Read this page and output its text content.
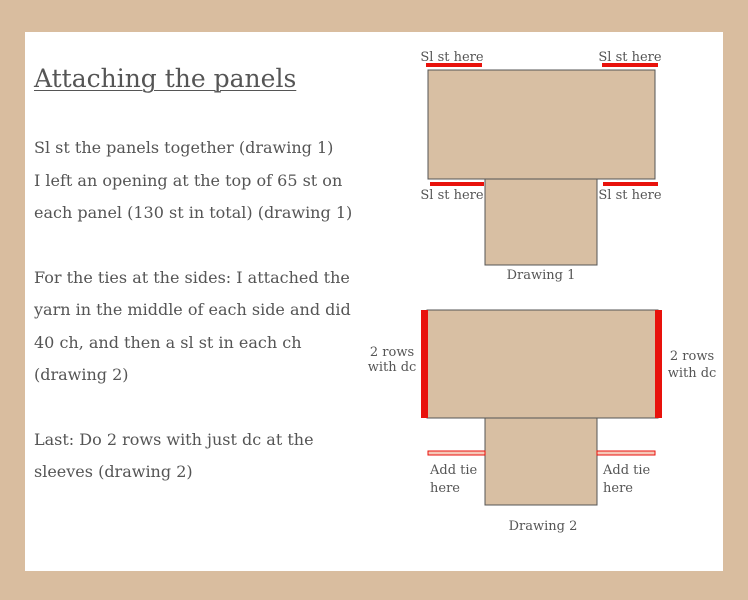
Attaching the panels

Sl st the panels together (drawing 1)
I left an opening at the top of 65 st on each panel (130 st in total) (drawing 1)

For the ties at the sides: I attached the yarn in the middle of each side and did 40 ch, and then a sl st in each ch (drawing 2)

Last: Do 2 rows with just dc at the sleeves (drawing 2)

Sl st here	Sl st here
Sl st here	Sl st here
Drawing 1
2 rows
with dc
2 rows
with dc
Add tie
here
Add tie
here
Drawing 2
